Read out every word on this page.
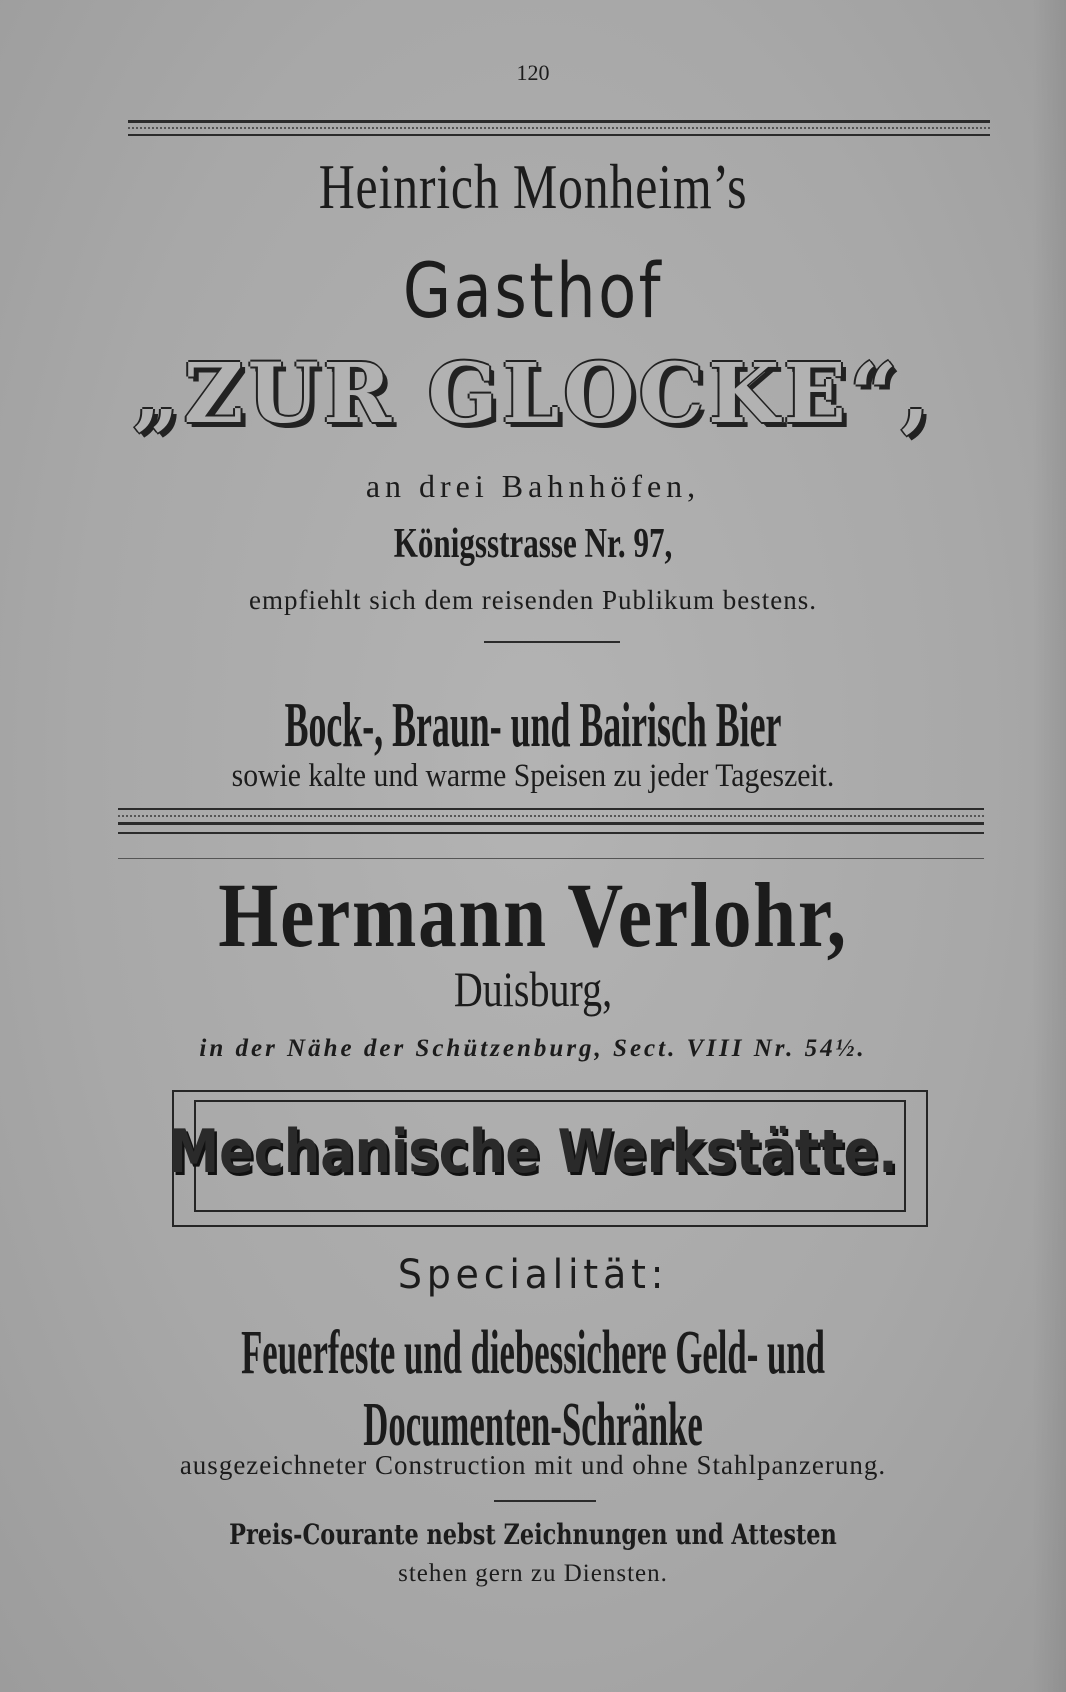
120
Heinrich Monheim’s
Gasthof
„ZUR GLOCKE“,
an drei Bahnhöfen,
Königsstrasse Nr. 97,
empfiehlt sich dem reisenden Publikum bestens.
Bock-, Braun- und Bairisch Bier
sowie kalte und warme Speisen zu jeder Tageszeit.
Hermann Verlohr,
Duisburg,
in der Nähe der Schützenburg, Sect. VIII Nr. 54½.
Mechanische Werkstätte.
Specialität:
Feuerfeste und diebessichere Geld- und
Documenten-Schränke
ausgezeichneter Construction mit und ohne Stahlpanzerung.
Preis-Courante nebst Zeichnungen und Attesten
stehen gern zu Diensten.
